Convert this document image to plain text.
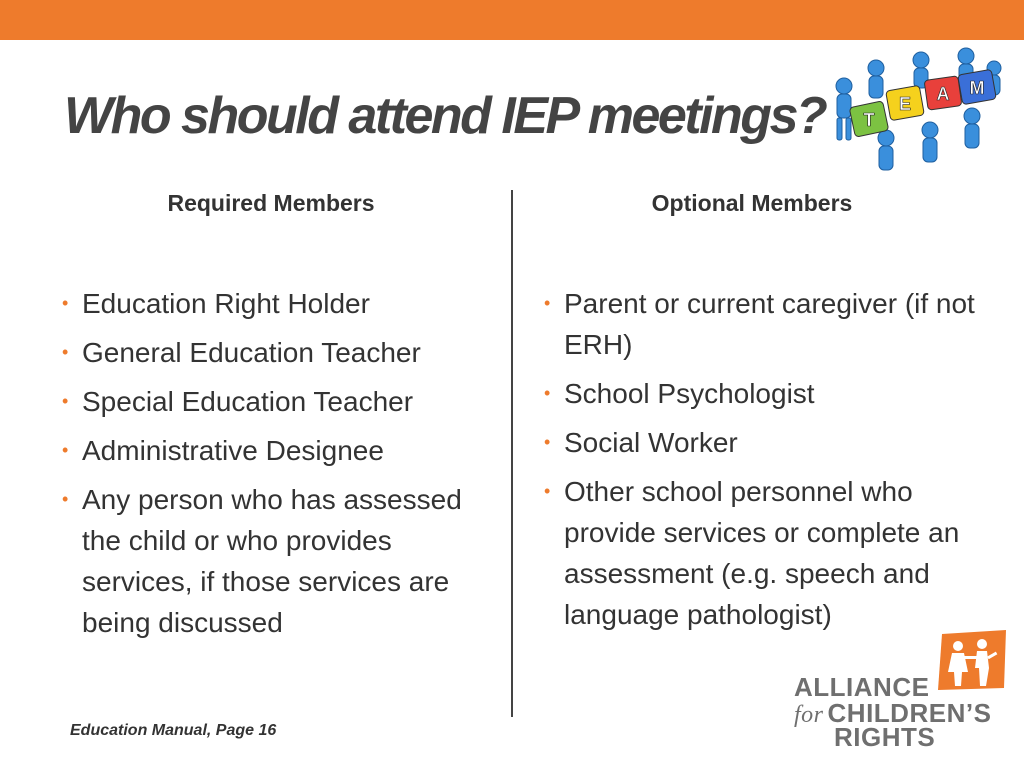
Who should attend IEP meetings? T
E A M
Required Members	Optional Members
• Education Right Holder
• General Education Teacher
• Special Education Teacher
• Administrative Designee
• Any person who has assessed the child or who provides services, if those services are being discussed
• Parent or current caregiver (if not ERH)
• School Psychologist
• Social Worker
• Other school personnel who provide services or complete an assessment (e.g. speech and language pathologist)
Education Manual, Page 16
ALLIANCE
for CHILDREN’S
RIGHTS
